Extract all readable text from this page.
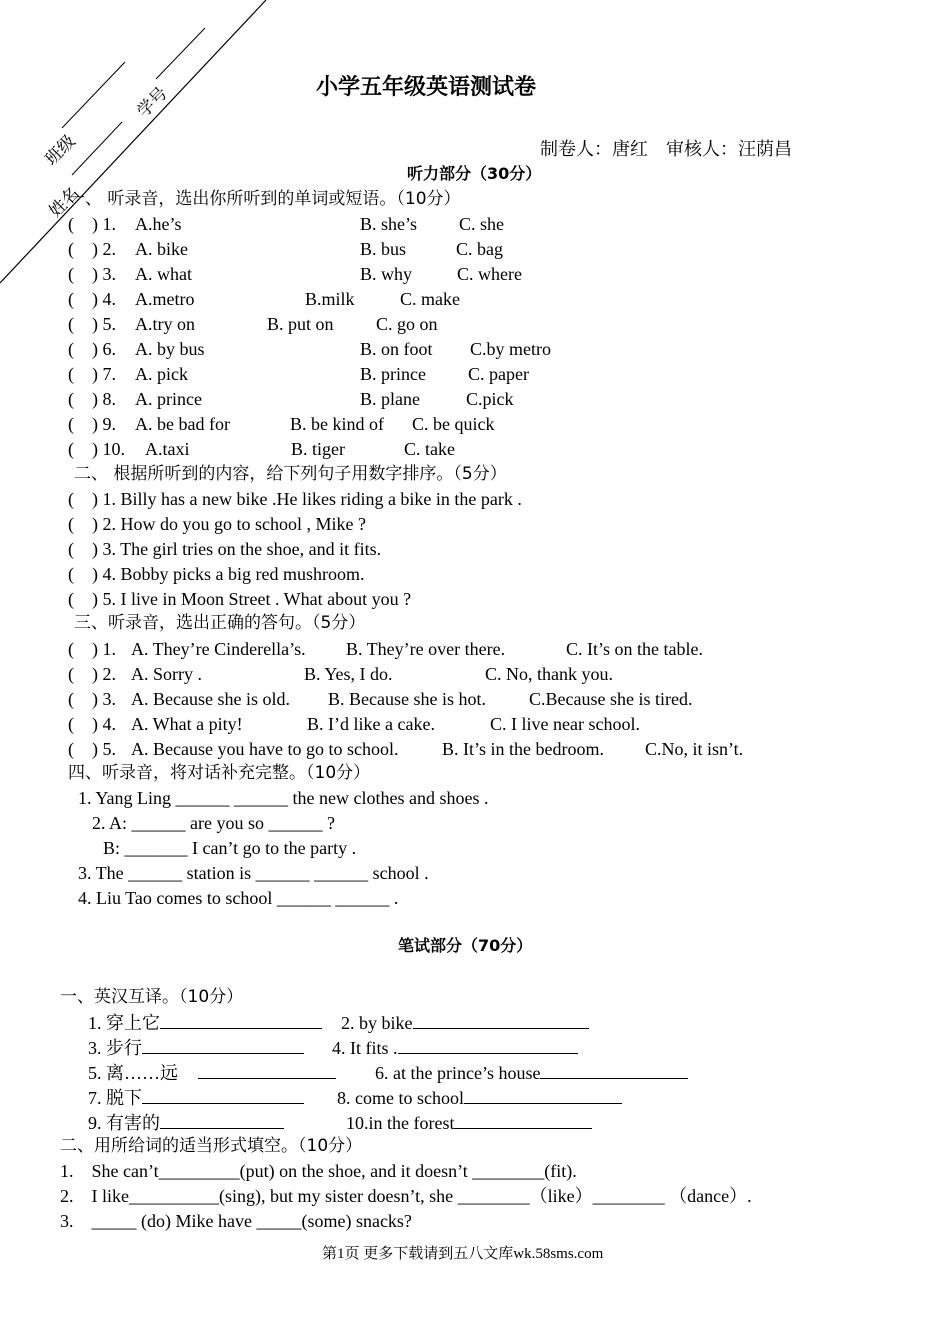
班级
学号
姓名
小学五年级英语测试卷
制卷人：唐红　审核人：汪荫昌
听力部分（30分）
一、 听录音，选出你所听到的单词或短语。（10分）
(　) 1. A.he’s	B. she’s C. she
(　) 2. A. bike	B. bus	C. bag
(　) 3. A. what	B. why C. where
(　) 4. A.metro	B.milk	C. make
(　) 5. A.try on	B. put on C. go on
(　) 6. A. by bus	B. on foot C.by metro
(　) 7. A. pick	B. prince C. paper
(　) 8. A. prince	B. plane	C.pick
(　) 9. A. be bad for	B. be kind of C. be quick
(　) 10. A.taxi	B. tiger	C. take
二、 根据所听到的内容，给下列句子用数字排序。（5分）
(　) 1. Billy has a new bike .He likes riding a bike in the park .
(　) 2. How do you go to school , Mike ?
(　) 3. The girl tries on the shoe, and it fits.
(　) 4. Bobby picks a big red mushroom.
(　) 5. I live in Moon Street . What about you ?
三、听录音，选出正确的答句。（5分）
(　) 1. A. They’re Cinderella’s. B. They’re over there.	C. It’s on the table.
(　) 2. A. Sorry .	B. Yes, I do.	C. No, thank you.
(　) 3. A. Because she is old. B. Because she is hot. C.Because she is tired.
(　) 4. A. What a pity!	B. I’d like a cake.	C. I live near school.
(　) 5. A. Because you have to go to school. B. It’s in the bedroom. C.No, it isn’t.
四、听录音，将对话补充完整。（10分）
1. Yang Ling ______ ______ the new clothes and shoes .
2. A: ______ are you so ______ ?
B: _______ I can’t go to the party .
3. The ______ station is ______ ______ school .
4. Liu Tao comes to school ______ ______ .
笔试部分（70分）
一、英汉互译。（10分）
1. 穿上它	2. by bike
3. 步行	4. It fits .
5. 离……远	6. at the prince’s house
7. 脱下	8. come to school
9. 有害的	10.in the forest
二、用所给词的适当形式填空。（10分）
1.　She can’t_________(put) on the shoe, and it doesn’t ________(fit).
2.　I like__________(sing), but my sister doesn’t, she ________（like）________ （dance）.
3.　_____ (do) Mike have _____(some) snacks?
第1页 更多下载请到五八文库wk.58sms.com
